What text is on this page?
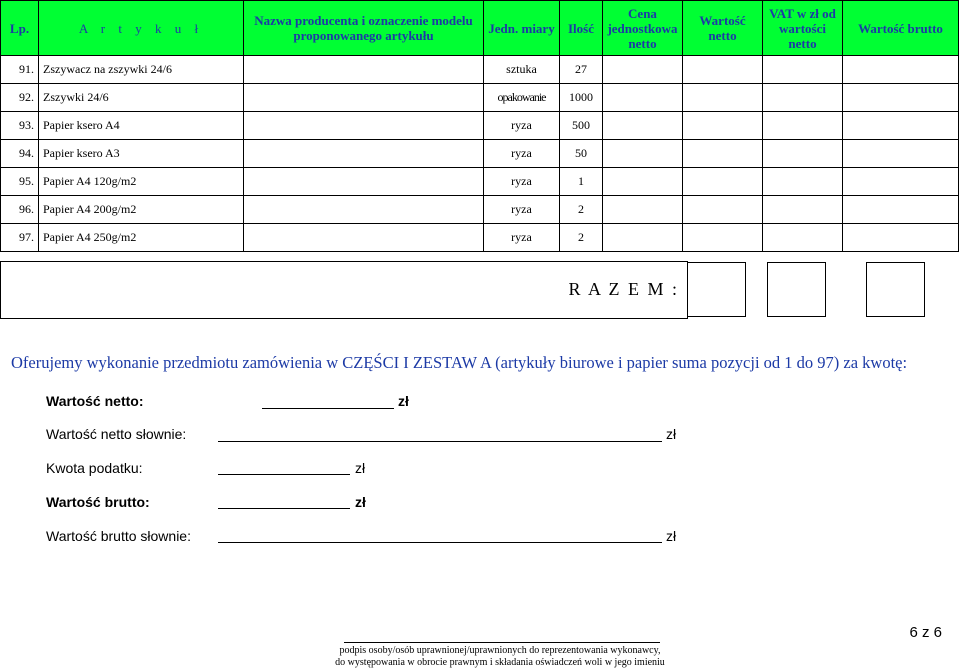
Lp.	A r t y k u ł	Nazwa producenta i oznaczenie modelu proponowanego artykułu	Jedn. miary	Ilość	Cena jednostkowa netto	Wartość netto	VAT w zł od wartości netto	Wartość brutto
91.	Zszywacz na zszywki 24/6		sztuka	27				
92.	Zszywki 24/6		opakowanie	1000				
93.	Papier ksero A4		ryza	500				
94.	Papier ksero A3		ryza	50				
95.	Papier A4 120g/m2		ryza	1				
96.	Papier A4 200g/m2		ryza	2				
97.	Papier A4 250g/m2		ryza	2				
R A Z E M :
Oferujemy wykonanie przedmiotu zamówienia w CZĘŚCI I ZESTAW A (artykuły biurowe i papier suma pozycji od 1 do 97) za kwotę:
Wartość netto:	zł
Wartość netto słownie:	zł
Kwota podatku:	zł
Wartość brutto:	zł
Wartość brutto słownie:	zł
podpis osoby/osób uprawnionej/uprawnionych do reprezentowania wykonawcy,
do występowania w obrocie prawnym i składania oświadczeń woli w jego imieniu
6 z 6
